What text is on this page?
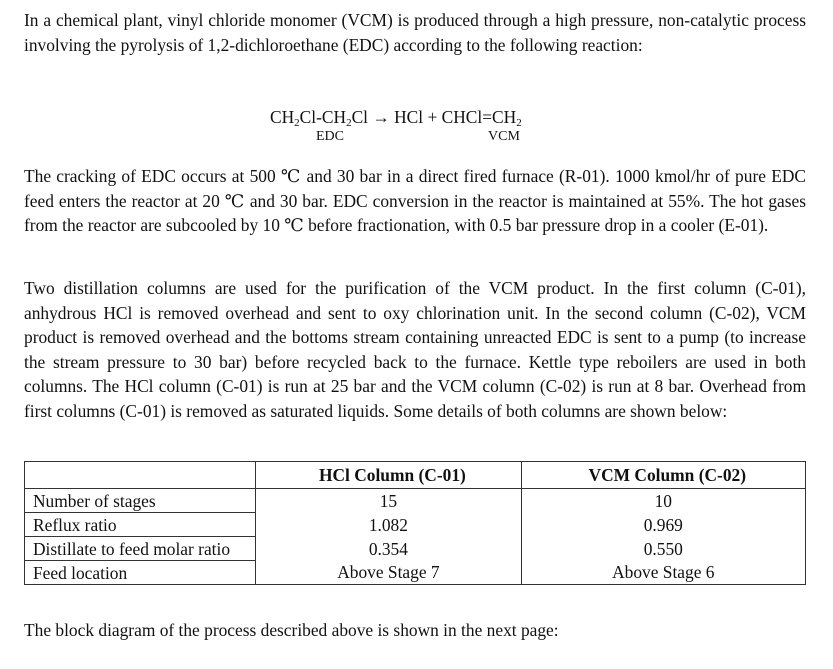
In a chemical plant, vinyl chloride monomer (VCM) is produced through a high pressure, non-catalytic process involving the pyrolysis of 1,2-dichloroethane (EDC) according to the following reaction:

$CH_2Cl-CH_2Cl$ → HCl + $CHCl=CH_2$
EDC	VCM

The cracking of EDC occurs at 500 ℃ and 30 bar in a direct fired furnace (R-01). 1000 kmol/hr of pure EDC feed enters the reactor at 20 ℃ and 30 bar. EDC conversion in the reactor is maintained at 55%. The hot gases from the reactor are subcooled by 10 ℃ before fractionation, with 0.5 bar pressure drop in a cooler (E-01).

Two distillation columns are used for the purification of the VCM product. In the first column (C-01), anhydrous HCl is removed overhead and sent to oxy chlorination unit. In the second column (C-02), VCM product is removed overhead and the bottoms stream containing unreacted EDC is sent to a pump (to increase the stream pressure to 30 bar) before recycled back to the furnace. Kettle type reboilers are used in both columns. The HCl column (C-01) is run at 25 bar and the VCM column (C-02) is run at 8 bar. Overhead from first columns (C-01) is removed as saturated liquids. Some details of both columns are shown below:

	HCl Column (C-01)	VCM Column (C-02)
Number of stages	15	10
Reflux ratio	1.082	0.969
Distillate to feed molar ratio	0.354	0.550
Feed location	Above Stage 7	Above Stage 6

The block diagram of the process described above is shown in the next page:
